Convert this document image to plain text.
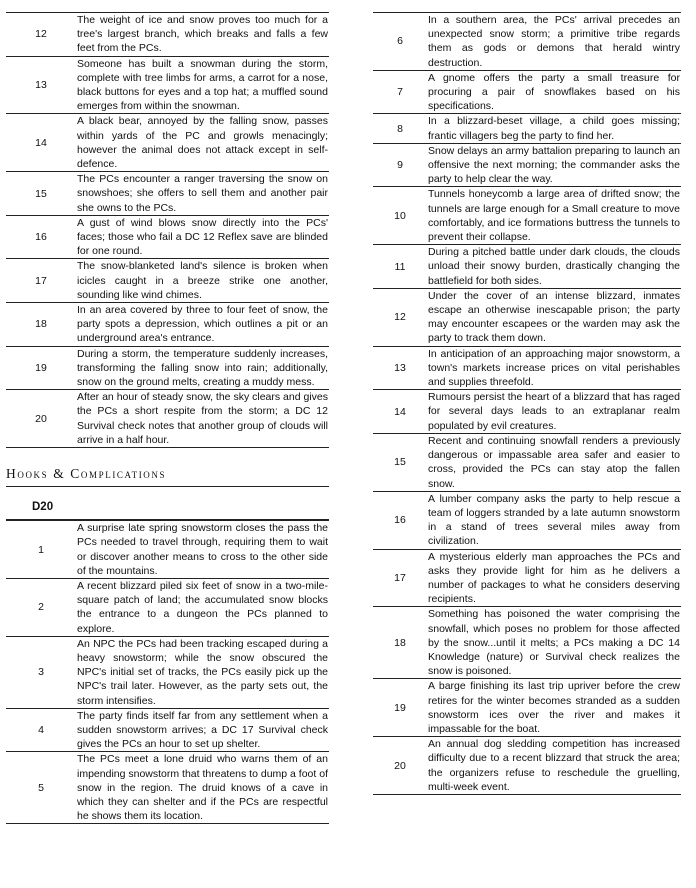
12	The weight of ice and snow proves too much for a tree's largest branch, which breaks and falls a few feet from the PCs.
13	Someone has built a snowman during the storm, complete with tree limbs for arms, a carrot for a nose, black buttons for eyes and a top hat; a muffled sound emerges from within the snowman.
14	A black bear, annoyed by the falling snow, passes within yards of the PC and growls menacingly; however the animal does not attack except in self-defence.
15	The PCs encounter a ranger traversing the snow on snowshoes; she offers to sell them and another pair she owns to the PCs.
16	A gust of wind blows snow directly into the PCs' faces; those who fail a DC 12 Reflex save are blinded for one round.
17	The snow-blanketed land's silence is broken when icicles caught in a breeze strike one another, sounding like wind chimes.
18	In an area covered by three to four feet of snow, the party spots a depression, which outlines a pit or an underground area's entrance.
19	During a storm, the temperature suddenly increases, transforming the falling snow into rain; additionally, snow on the ground melts, creating a muddy mess.
20	After an hour of steady snow, the sky clears and gives the PCs a short respite from the storm; a DC 12 Survival check notes that another group of clouds will arrive in a half hour.
Hooks & Complications
D20
1	A surprise late spring snowstorm closes the pass the PCs needed to travel through, requiring them to wait or discover another means to cross to the other side of the mountains.
2	A recent blizzard piled six feet of snow in a two-mile-square patch of land; the accumulated snow blocks the entrance to a dungeon the PCs planned to explore.
3	An NPC the PCs had been tracking escaped during a heavy snowstorm; while the snow obscured the NPC's initial set of tracks, the PCs easily pick up the NPC's trail later. However, as the party sets out, the storm intensifies.
4	The party finds itself far from any settlement when a sudden snowstorm arrives; a DC 17 Survival check gives the PCs an hour to set up shelter.
5	The PCs meet a lone druid who warns them of an impending snowstorm that threatens to dump a foot of snow in the region. The druid knows of a cave in which they can shelter and if the PCs are respectful he shows them its location.
6	In a southern area, the PCs' arrival precedes an unexpected snow storm; a primitive tribe regards them as gods or demons that herald wintry destruction.
7	A gnome offers the party a small treasure for procuring a pair of snowflakes based on his specifications.
8	In a blizzard-beset village, a child goes missing; frantic villagers beg the party to find her.
9	Snow delays an army battalion preparing to launch an offensive the next morning; the commander asks the party to help clear the way.
10	Tunnels honeycomb a large area of drifted snow; the tunnels are large enough for a Small creature to move comfortably, and ice formations buttress the tunnels to prevent their collapse.
11	During a pitched battle under dark clouds, the clouds unload their snowy burden, drastically changing the battlefield for both sides.
12	Under the cover of an intense blizzard, inmates escape an otherwise inescapable prison; the party may encounter escapees or the warden may ask the party to track them down.
13	In anticipation of an approaching major snowstorm, a town's markets increase prices on vital perishables and supplies threefold.
14	Rumours persist the heart of a blizzard that has raged for several days leads to an extraplanar realm populated by evil creatures.
15	Recent and continuing snowfall renders a previously dangerous or impassable area safer and easier to cross, provided the PCs can stay atop the fallen snow.
16	A lumber company asks the party to help rescue a team of loggers stranded by a late autumn snowstorm in a stand of trees several miles away from civilization.
17	A mysterious elderly man approaches the PCs and asks they provide light for him as he delivers a number of packages to what he considers deserving recipients.
18	Something has poisoned the water comprising the snowfall, which poses no problem for those affected by the snow...until it melts; a PCs making a DC 14 Knowledge (nature) or Survival check realizes the snow is poisoned.
19	A barge finishing its last trip upriver before the crew retires for the winter becomes stranded as a sudden snowstorm ices over the river and makes it impassable for the boat.
20	An annual dog sledding competition has increased difficulty due to a recent blizzard that struck the area; the organizers refuse to reschedule the gruelling, multi-week event.
